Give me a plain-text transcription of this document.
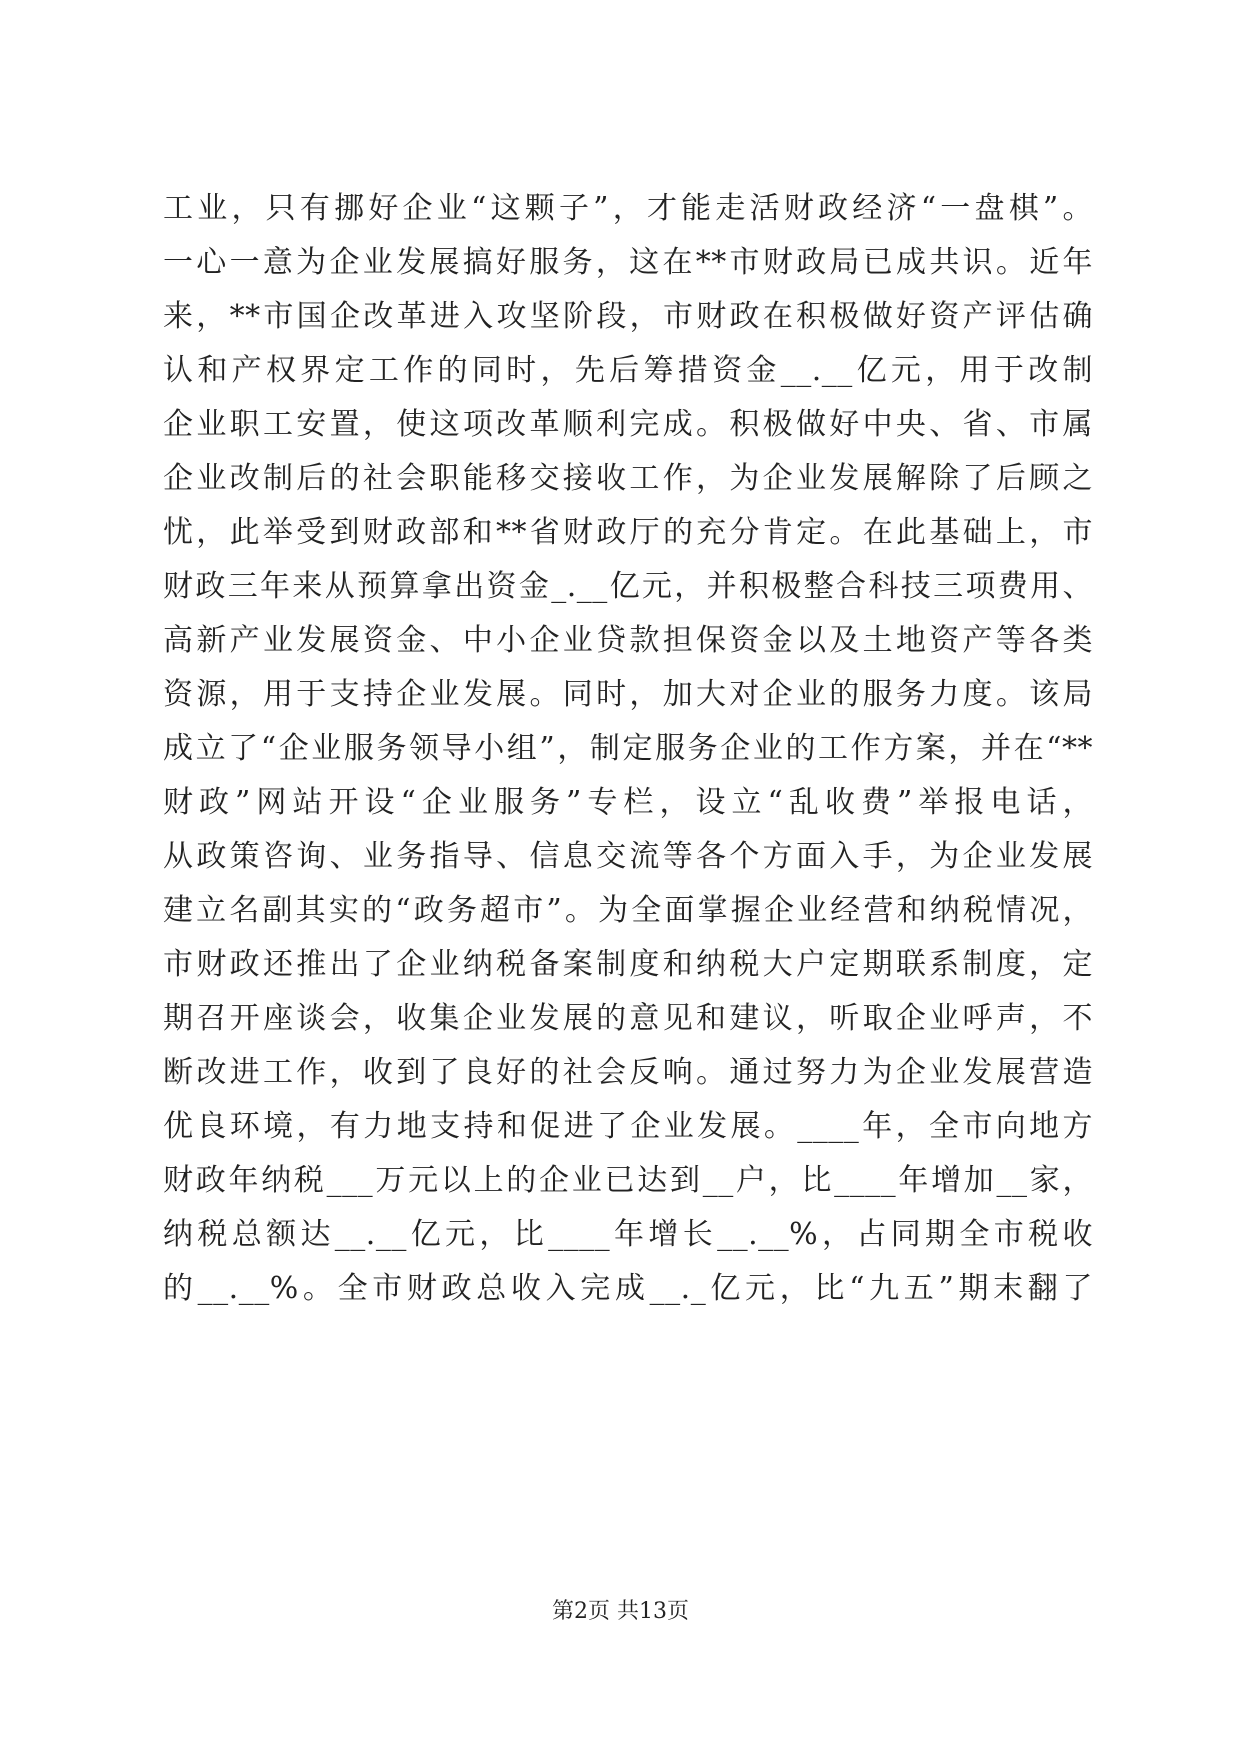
工业，只有挪好企业“这颗子”，才能走活财政经济“一盘棋”。
一心一意为企业发展搞好服务，这在**市财政局已成共识。近年
来，**市国企改革进入攻坚阶段，市财政在积极做好资产评估确
认和产权界定工作的同时，先后筹措资金__.__亿元，用于改制
企业职工安置，使这项改革顺利完成。积极做好中央、省、市属
企业改制后的社会职能移交接收工作，为企业发展解除了后顾之
忧，此举受到财政部和**省财政厅的充分肯定。在此基础上，市
财政三年来从预算拿出资金_.__亿元，并积极整合科技三项费用、
高新产业发展资金、中小企业贷款担保资金以及土地资产等各类
资源，用于支持企业发展。同时，加大对企业的服务力度。该局
成立了“企业服务领导小组”，制定服务企业的工作方案，并在“**
财政”网站开设“企业服务”专栏，设立“乱收费”举报电话，
从政策咨询、业务指导、信息交流等各个方面入手，为企业发展
建立名副其实的“政务超市”。为全面掌握企业经营和纳税情况，
市财政还推出了企业纳税备案制度和纳税大户定期联系制度，定
期召开座谈会，收集企业发展的意见和建议，听取企业呼声，不
断改进工作，收到了良好的社会反响。通过努力为企业发展营造
优良环境，有力地支持和促进了企业发展。____年，全市向地方
财政年纳税___万元以上的企业已达到__户，比____年增加__家，
纳税总额达__.__亿元，比____年增长__.__%，占同期全市税收
的__.__%。全市财政总收入完成__._亿元，比“九五”期末翻了
第2页 共13页
